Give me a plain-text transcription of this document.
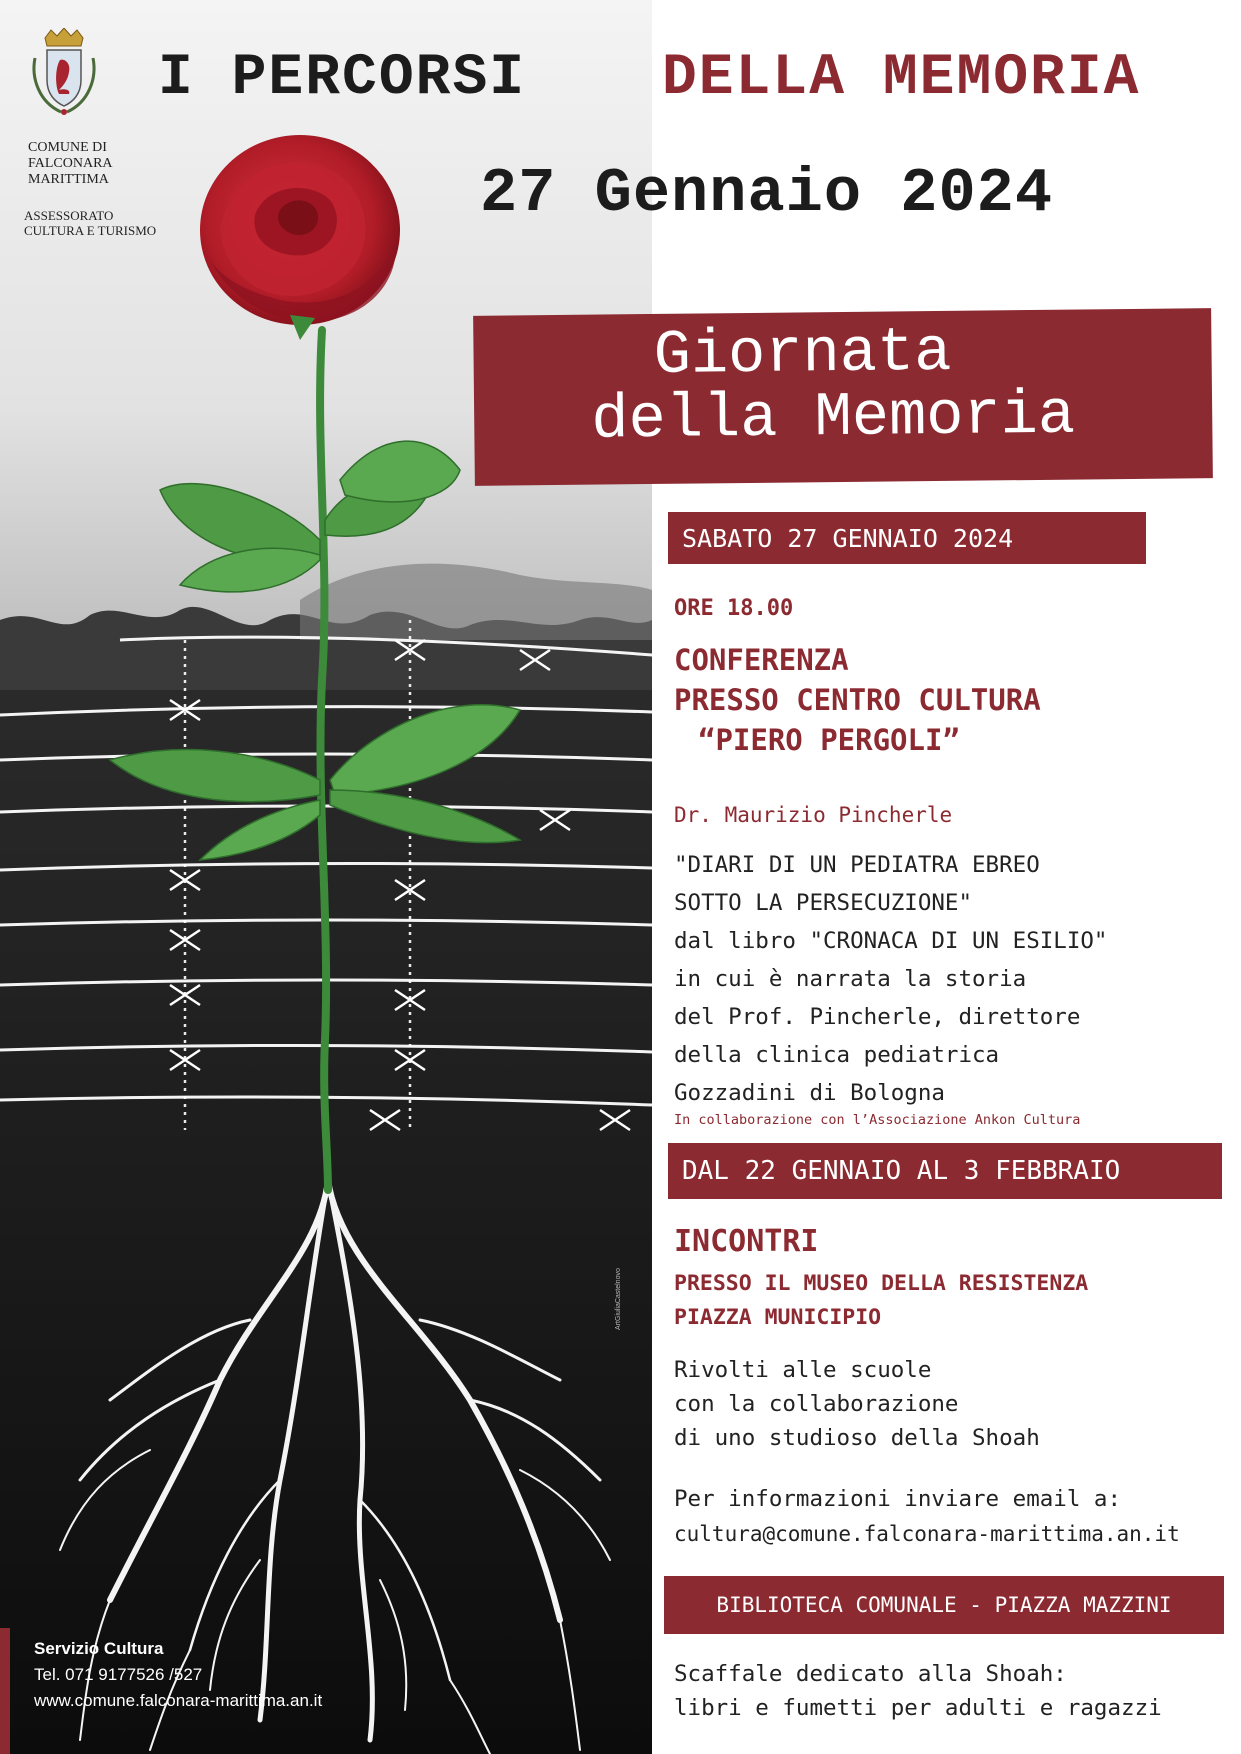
ArtGiuliaCastelnovo
COMUNE DI
FALCONARA
MARITTIMA
ASSESSORATO
CULTURA E TURISMO
I PERCORSI DELLA MEMORIA
27 Gennaio 2024
Giornata
della Memoria
SABATO 27 GENNAIO 2024
ORE 18.00
CONFERENZA
PRESSO CENTRO CULTURA
“PIERO PERGOLI”
Dr. Maurizio Pincherle
"DIARI DI UN PEDIATRA EBREO
SOTTO LA PERSECUZIONE"
dal libro "CRONACA DI UN ESILIO"
in cui è narrata la storia
del Prof. Pincherle, direttore
della clinica pediatrica
Gozzadini di Bologna
In collaborazione con l’Associazione Ankon Cultura
DAL 22 GENNAIO AL 3 FEBBRAIO
INCONTRI
PRESSO IL MUSEO DELLA RESISTENZA
PIAZZA MUNICIPIO
Rivolti alle scuole
con la collaborazione
di uno studioso della Shoah
Per informazioni inviare email a:
cultura@comune.falconara-marittima.an.it
BIBLIOTECA COMUNALE - PIAZZA MAZZINI
Scaffale dedicato alla Shoah:
libri e fumetti per adulti e ragazzi
Servizio Cultura
Tel. 071 9177526 /527
www.comune.falconara-marittima.an.it
